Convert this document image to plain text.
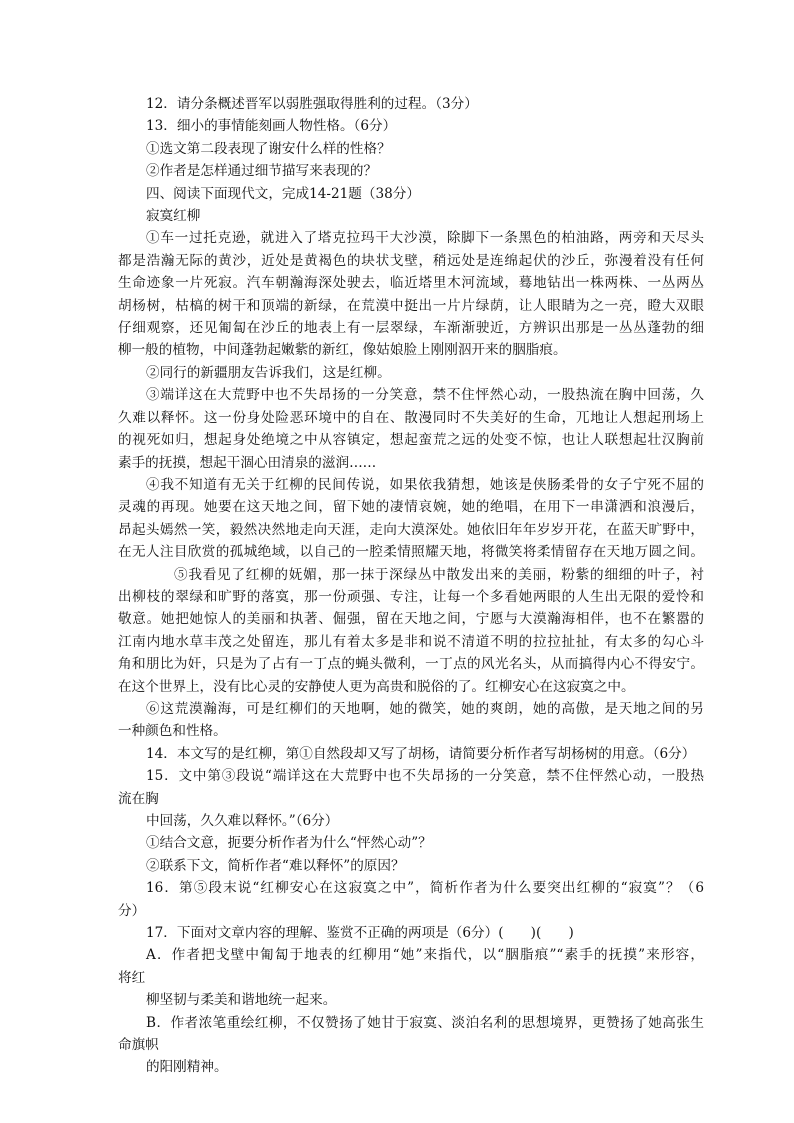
12．请分条概述晋军以弱胜强取得胜利的过程。（3分）
13．细小的事情能刻画人物性格。（6分）
①选文第二段表现了谢安什么样的性格？
②作者是怎样通过细节描写来表现的？
四、阅读下面现代文，完成14-21题（38分）
寂寞红柳
①车一过托克逊，就进入了塔克拉玛干大沙漠，除脚下一条黑色的柏油路，两旁和天尽头
都是浩瀚无际的黄沙，近处是黄褐色的块状戈壁，稍远处是连绵起伏的沙丘，弥漫着没有任何
生命迹象一片死寂。汽车朝瀚海深处驶去，临近塔里木河流域，蓦地钻出一株两株、一丛两丛
胡杨树，枯槁的树干和顶端的新绿，在荒漠中挺出一片片绿荫，让人眼睛为之一亮，瞪大双眼
仔细观察，还见匍匐在沙丘的地表上有一层翠绿，车渐渐驶近，方辨识出那是一丛丛蓬勃的细
柳一般的植物，中间蓬勃起嫩紫的新红，像姑娘脸上刚刚泅开来的胭脂痕。
②同行的新疆朋友告诉我们，这是红柳。
③端详这在大荒野中也不失昂扬的一分笑意，禁不住怦然心动，一股热流在胸中回荡，久
久难以释怀。这一份身处险恶环境中的自在、散漫同时不失美好的生命，兀地让人想起刑场上
的视死如归，想起身处绝境之中从容镇定，想起蛮荒之远的处变不惊，也让人联想起壮汉胸前
素手的抚摸，想起干涸心田清泉的滋润……
④我不知道有无关于红柳的民间传说，如果依我猜想，她该是侠肠柔骨的女子宁死不屈的
灵魂的再现。她要在这天地之间，留下她的凄情哀婉，她的绝唱，在用下一串潇洒和浪漫后，
昂起头嫣然一笑，毅然决然地走向天涯，走向大漠深处。她依旧年年岁岁开花，在蓝天旷野中，
在无人注目欣赏的孤城绝域，以自己的一腔柔情照耀天地，将微笑将柔情留存在天地万圆之间。
⑤我看见了红柳的妩媚，那一抹于深绿丛中散发出来的美丽，粉紫的细细的叶子，衬
出柳枝的翠绿和旷野的落寞，那一份顽强、专注，让每一个多看她两眼的人生出无限的爱怜和
敬意。她把她惊人的美丽和执著、倔强，留在天地之间，宁愿与大漠瀚海相伴，也不在繁嚣的
江南内地水草丰茂之处留连，那儿有着太多是非和说不清道不明的拉拉扯扯，有太多的勾心斗
角和朋比为奸，只是为了占有一丁点的蝇头微利，一丁点的风光名头，从而搞得内心不得安宁。
在这个世界上，没有比心灵的安静使人更为高贵和脱俗的了。红柳安心在这寂寞之中。
⑥这荒漠瀚海，可是红柳们的天地啊，她的微笑，她的爽朗，她的高傲，是天地之间的另
一种颜色和性格。
14．本文写的是红柳，第①自然段却又写了胡杨，请简要分析作者写胡杨树的用意。（6分）
15．文中第③段说“端详这在大荒野中也不失昂扬的一分笑意，禁不住怦然心动，一股热
流在胸
中回荡，久久难以释怀。”（6分）
①结合文意，扼要分析作者为什么“怦然心动”？
②联系下文，简析作者“难以释怀”的原因？
16．第⑤段末说“红柳安心在这寂寞之中”，简析作者为什么要突出红柳的“寂寞”？（6
分）
17．下面对文章内容的理解、鉴赏不正确的两项是（6分）(　　)(　　)
A．作者把戈壁中匍匐于地表的红柳用“她”来指代，以“胭脂痕”“素手的抚摸”来形容，
将红
柳坚韧与柔美和谐地统一起来。
B．作者浓笔重绘红柳，不仅赞扬了她甘于寂寞、淡泊名利的思想境界，更赞扬了她高张生
命旗帜
的阳刚精神。
